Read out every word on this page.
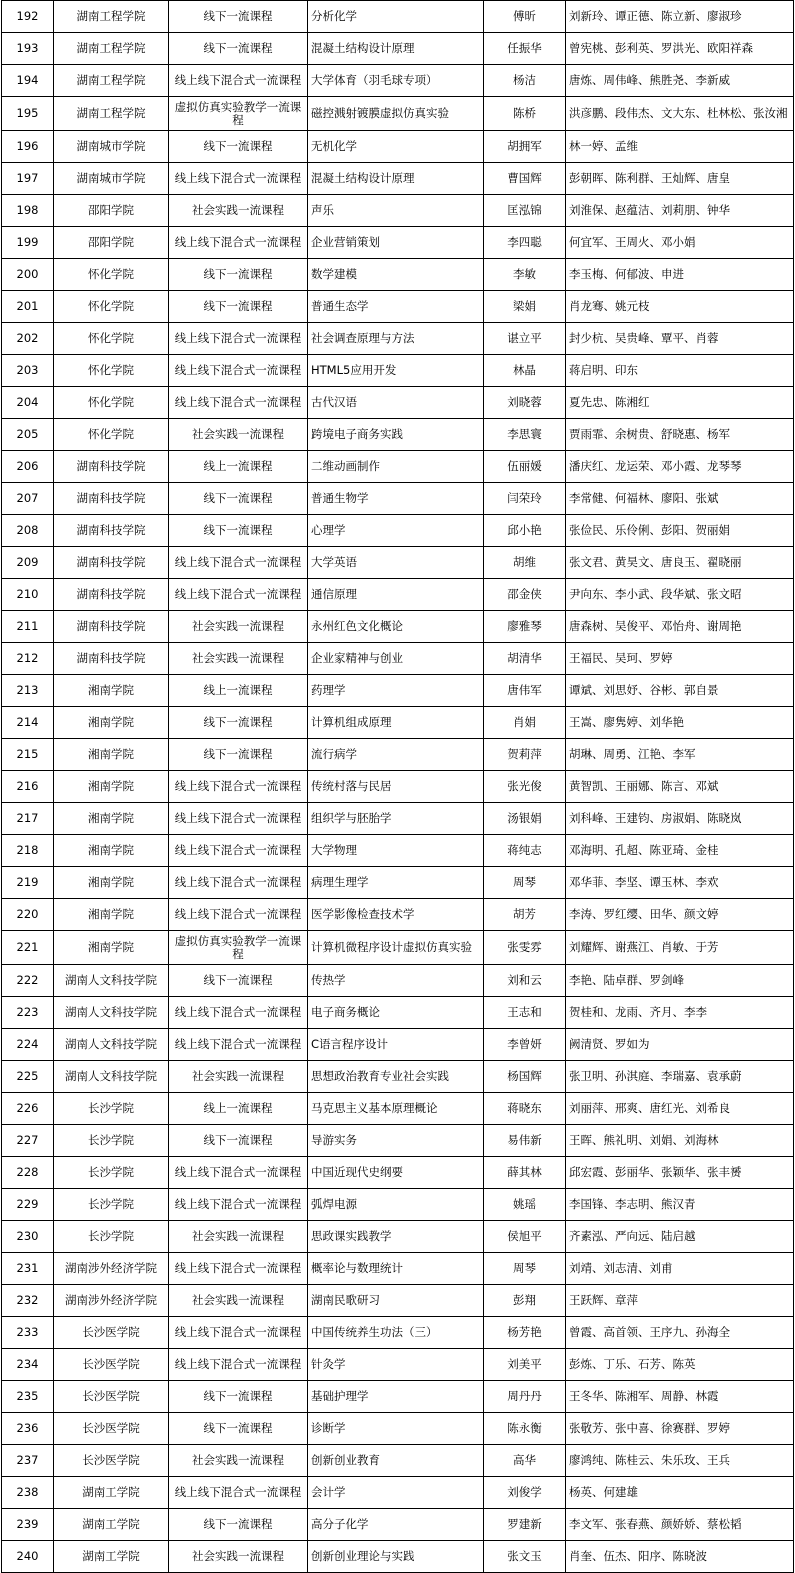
192	湖南工程学院	线下一流课程	分析化学	傅昕	刘新玲、谭正德、陈立新、廖淑珍
193	湖南工程学院	线下一流课程	混凝土结构设计原理	任振华	曾宪桃、彭利英、罗洪光、欧阳祥森
194	湖南工程学院	线上线下混合式一流课程	大学体育（羽毛球专项）	杨洁	唐炼、周伟峰、熊胜尧、李新威
195	湖南工程学院	虚拟仿真实验教学一流课程	磁控溅射镀膜虚拟仿真实验	陈桥	洪彦鹏、段伟杰、文大东、杜林松、张汝湘
196	湖南城市学院	线下一流课程	无机化学	胡拥军	林一婷、孟维
197	湖南城市学院	线上线下混合式一流课程	混凝土结构设计原理	曹国辉	彭朝晖、陈利群、王灿辉、唐皇
198	邵阳学院	社会实践一流课程	声乐	匡泓锦	刘淮保、赵蕴洁、刘莉朋、钟华
199	邵阳学院	线上线下混合式一流课程	企业营销策划	李四聪	何宜军、王周火、邓小娟
200	怀化学院	线下一流课程	数学建模	李敏	李玉梅、何郁波、申进
201	怀化学院	线下一流课程	普通生态学	梁娟	肖龙骞、姚元枝
202	怀化学院	线上线下混合式一流课程	社会调查原理与方法	谌立平	封少杭、吴贵峰、覃平、肖蓉
203	怀化学院	线上线下混合式一流课程	HTML5应用开发	林晶	蒋启明、印东
204	怀化学院	线上线下混合式一流课程	古代汉语	刘晓蓉	夏先忠、陈湘红
205	怀化学院	社会实践一流课程	跨境电子商务实践	李思寰	贾雨霏、余树贵、舒晓惠、杨军
206	湖南科技学院	线上一流课程	二维动画制作	伍丽媛	潘庆红、龙运荣、邓小霞、龙琴琴
207	湖南科技学院	线下一流课程	普通生物学	闫荣玲	李常健、何福林、廖阳、张斌
208	湖南科技学院	线下一流课程	心理学	邱小艳	张俭民、乐伶俐、彭阳、贺丽娟
209	湖南科技学院	线上线下混合式一流课程	大学英语	胡维	张文君、黄昊文、唐良玉、翟晓丽
210	湖南科技学院	线上线下混合式一流课程	通信原理	邵金侠	尹向东、李小武、段华斌、张文昭
211	湖南科技学院	社会实践一流课程	永州红色文化概论	廖雅琴	唐森树、吴俊平、邓怡舟、谢周艳
212	湖南科技学院	社会实践一流课程	企业家精神与创业	胡清华	王福民、吴珂、罗婷
213	湘南学院	线上一流课程	药理学	唐伟军	谭斌、刘思妤、谷彬、郭自景
214	湘南学院	线下一流课程	计算机组成原理	肖娟	王嵩、廖隽婷、刘华艳
215	湘南学院	线下一流课程	流行病学	贺莉萍	胡琳、周勇、江艳、李军
216	湘南学院	线上线下混合式一流课程	传统村落与民居	张光俊	黄智凯、王丽娜、陈言、邓斌
217	湘南学院	线上线下混合式一流课程	组织学与胚胎学	汤银娟	刘科峰、王建钧、房淑娟、陈晓岚
218	湘南学院	线上线下混合式一流课程	大学物理	蒋纯志	邓海明、孔超、陈亚琦、金桂
219	湘南学院	线上线下混合式一流课程	病理生理学	周琴	邓华菲、李坚、谭玉林、李欢
220	湘南学院	线上线下混合式一流课程	医学影像检查技术学	胡芳	李涛、罗红缨、田华、颜文婷
221	湘南学院	虚拟仿真实验教学一流课程	计算机微程序设计虚拟仿真实验	张雯雰	刘耀辉、谢燕江、肖敏、于芳
222	湖南人文科技学院	线下一流课程	传热学	刘和云	李艳、陆卓群、罗剑峰
223	湖南人文科技学院	线上线下混合式一流课程	电子商务概论	王志和	贺桂和、龙雨、齐月、李李
224	湖南人文科技学院	线上线下混合式一流课程	C语言程序设计	李曾妍	阙清贤、罗如为
225	湖南人文科技学院	社会实践一流课程	思想政治教育专业社会实践	杨国辉	张卫明、孙淇庭、李瑞嘉、袁承蔚
226	长沙学院	线上一流课程	马克思主义基本原理概论	蒋晓东	刘丽萍、邢爽、唐红光、刘希良
227	长沙学院	线下一流课程	导游实务	易伟新	王晖、熊礼明、刘娟、刘海林
228	长沙学院	线上线下混合式一流课程	中国近现代史纲要	薛其林	邱宏霞、彭丽华、张颖华、张丰赟
229	长沙学院	线上线下混合式一流课程	弧焊电源	姚瑶	李国锋、李志明、熊汉青
230	长沙学院	社会实践一流课程	思政课实践教学	侯旭平	齐素泓、严向远、陆启越
231	湖南涉外经济学院	线上线下混合式一流课程	概率论与数理统计	周琴	刘靖、刘志清、刘甫
232	湖南涉外经济学院	社会实践一流课程	湖南民歌研习	彭翔	王跃辉、章萍
233	长沙医学院	线上线下混合式一流课程	中国传统养生功法（三）	杨芳艳	曾霞、高首领、王序九、孙海全
234	长沙医学院	线上线下混合式一流课程	针灸学	刘美平	彭炼、丁乐、石芳、陈英
235	长沙医学院	线下一流课程	基础护理学	周丹丹	王冬华、陈湘军、周静、林霞
236	长沙医学院	线下一流课程	诊断学	陈永衡	张敬芳、张中喜、徐赛群、罗婷
237	长沙医学院	社会实践一流课程	创新创业教育	高华	廖鸿纯、陈桂云、朱乐玫、王兵
238	湖南工学院	线上线下混合式一流课程	会计学	刘俊学	杨英、何建雄
239	湖南工学院	线下一流课程	高分子化学	罗建新	李文军、张春燕、颜娇娇、蔡松韬
240	湖南工学院	社会实践一流课程	创新创业理论与实践	张文玉	肖奎、伍杰、阳序、陈晓波
